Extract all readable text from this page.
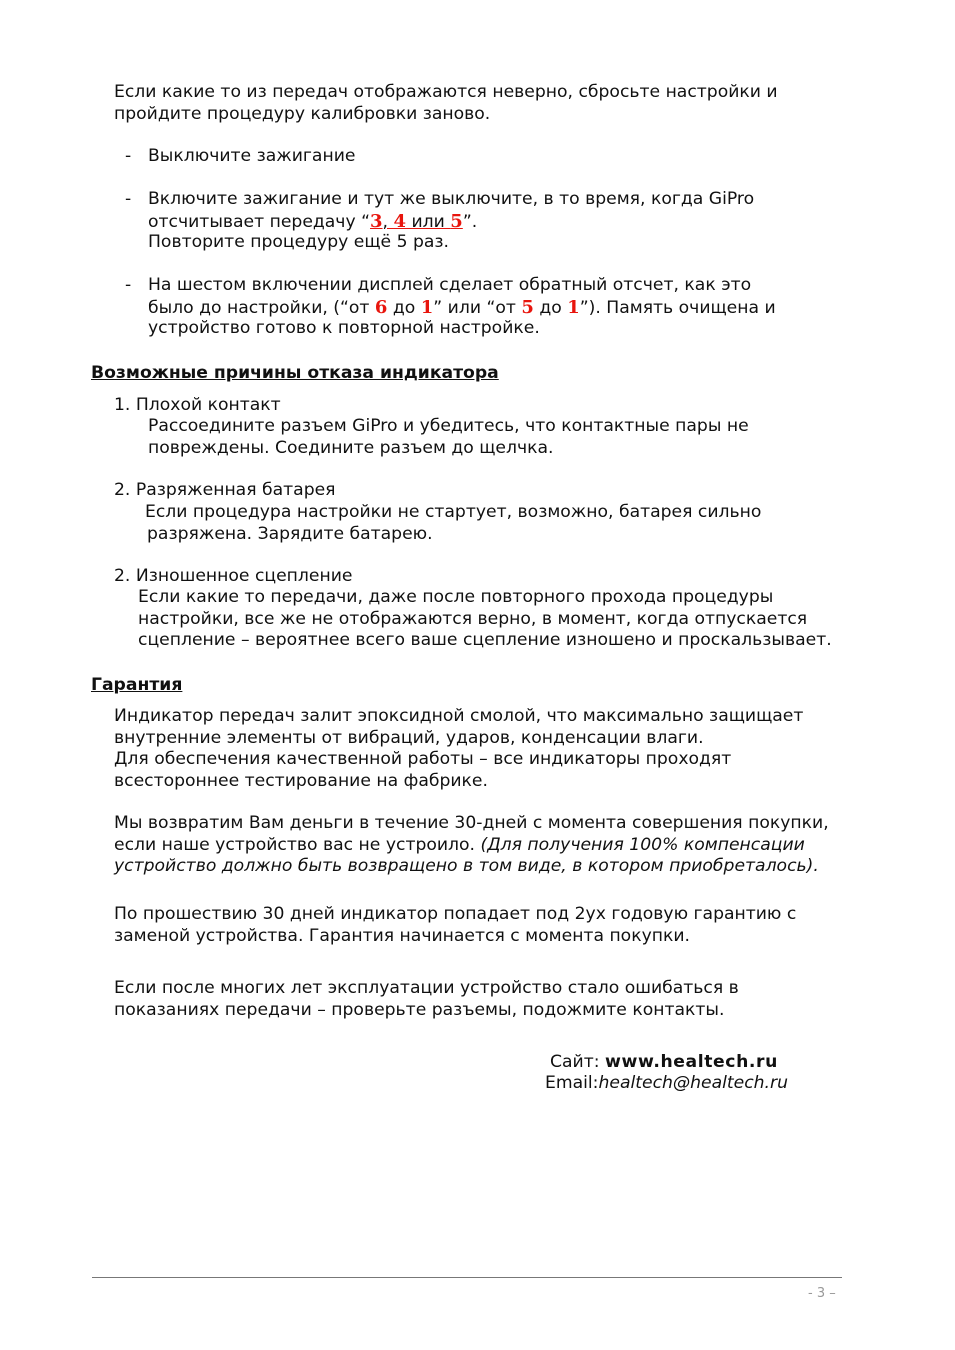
Если какие то из передач отображаются неверно, сбросьте настройки и
пройдите процедуру калибровки заново.
- Выключите зажигание
- Включите зажигание и тут же выключите, в то время, когда GiPro
отсчитывает передачу “3, 4 или 5”.
Повторите процедуру ещё 5 раз.
- На шестом включении дисплей сделает обратный отсчет, как это
было до настройки, (“от 6 до 1” или “от 5 до 1”). Память очищена и
устройство готово к повторной настройке.
Возможные причины отказа индикатора
1. Плохой контакт
Рассоедините разъем GiPro и убедитесь, что контактные пары не
повреждены. Соедините разъем до щелчка.
2. Разряженная батарея
Если процедура настройки не стартует, возможно, батарея сильно
разряжена. Зарядите батарею.
2. Изношенное сцепление
Если какие то передачи, даже после повторного прохода процедуры
настройки, все же не отображаются верно, в момент, когда отпускается
сцепление – вероятнее всего ваше сцепление изношено и проскальзывает.
Гарантия
Индикатор передач залит эпоксидной смолой, что максимально защищает
внутренние элементы от вибраций, ударов, конденсации влаги.
Для обеспечения качественной работы – все индикаторы проходят
всестороннее тестирование на фабрике.
Мы возвратим Вам деньги в течение 30-дней с момента совершения покупки,
если наше устройство вас не устроило. (Для получения 100% компенсации
устройство должно быть возвращено в том виде, в котором приобреталось).
По прошествию 30 дней индикатор попадает под 2ух годовую гарантию с
заменой устройства. Гарантия начинается с момента покупки.
Если после многих лет эксплуатации устройство стало ошибаться в
показаниях передачи – проверьте разъемы, подожмите контакты.
Сайт: www.healtech.ru
Email:healtech@healtech.ru
- 3 –
